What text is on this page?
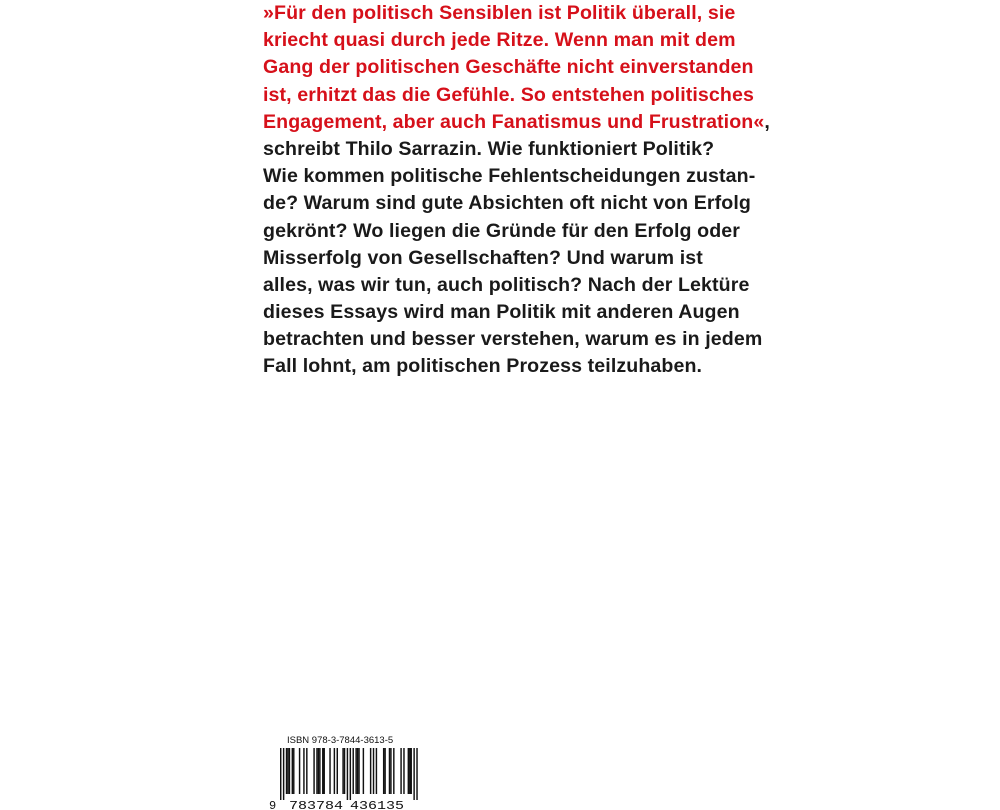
»Für den politisch Sensiblen ist Politik überall, sie
kriecht quasi durch jede Ritze. Wenn man mit dem
Gang der politischen Geschäfte nicht einverstanden
ist, erhitzt das die Gefühle. So entstehen politisches
Engagement, aber auch Fanatismus und Frustration«,
schreibt Thilo Sarrazin. Wie funktioniert Politik?
Wie kommen politische Fehlentscheidungen zustan-
de? Warum sind gute Absichten oft nicht von Erfolg
gekrönt? Wo liegen die Gründe für den Erfolg oder
Misserfolg von Gesellschaften? Und warum ist
alles, was wir tun, auch politisch? Nach der Lektüre
dieses Essays wird man Politik mit anderen Augen
betrachten und besser verstehen, warum es in jedem
Fall lohnt, am politischen Prozess teilzuhaben.
ISBN 978-3-7844-3613-5
9 783784 436135
